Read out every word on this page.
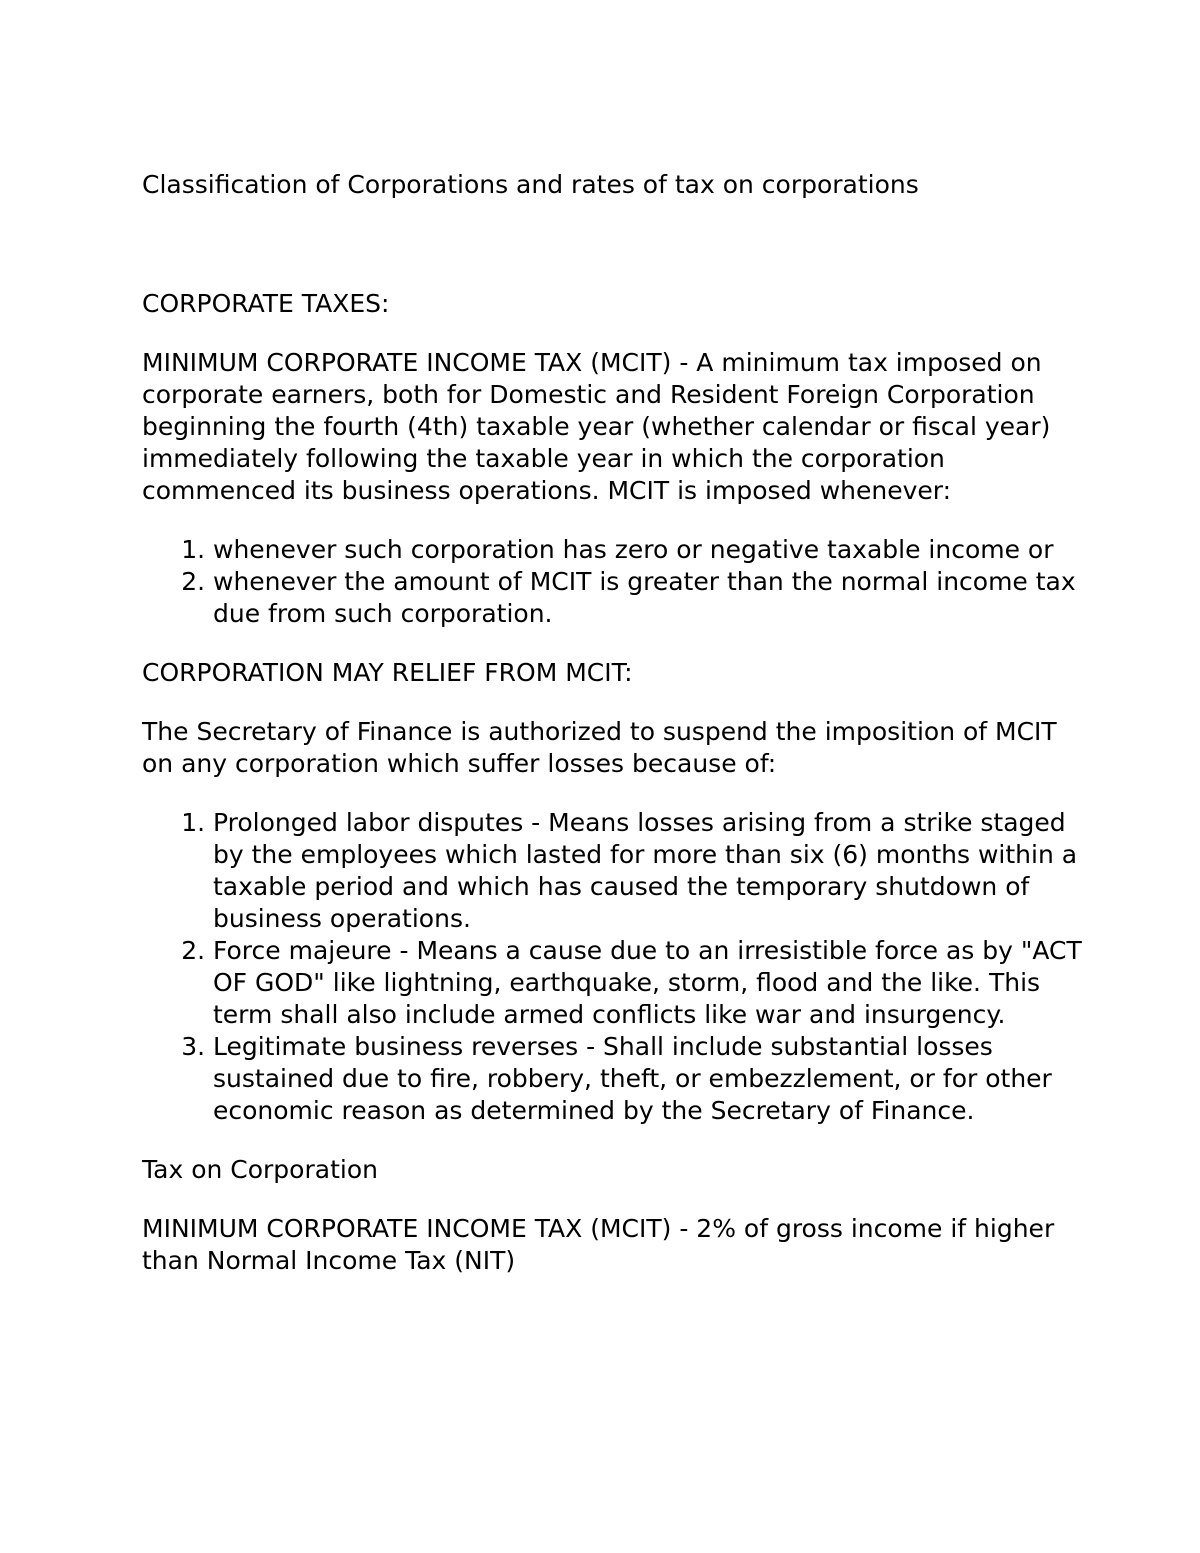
Classification of Corporations and rates of tax on corporations

CORPORATE TAXES:

MINIMUM CORPORATE INCOME TAX (MCIT) - A minimum tax imposed on corporate earners, both for Domestic and Resident Foreign Corporation beginning the fourth (4th) taxable year (whether calendar or fiscal year) immediately following the taxable year in which the corporation commenced its business operations. MCIT is imposed whenever:

1. whenever such corporation has zero or negative taxable income or
2. whenever the amount of MCIT is greater than the normal income tax due from such corporation.

CORPORATION MAY RELIEF FROM MCIT:

The Secretary of Finance is authorized to suspend the imposition of MCIT on any corporation which suffer losses because of:

1. Prolonged labor disputes - Means losses arising from a strike staged by the employees which lasted for more than six (6) months within a taxable period and which has caused the temporary shutdown of business operations.
2. Force majeure - Means a cause due to an irresistible force as by "ACT OF GOD" like lightning, earthquake, storm, flood and the like. This term shall also include armed conflicts like war and insurgency.
3. Legitimate business reverses - Shall include substantial losses sustained due to fire, robbery, theft, or embezzlement, or for other economic reason as determined by the Secretary of Finance.

Tax on Corporation

MINIMUM CORPORATE INCOME TAX (MCIT) - 2% of gross income if higher than Normal Income Tax (NIT)
